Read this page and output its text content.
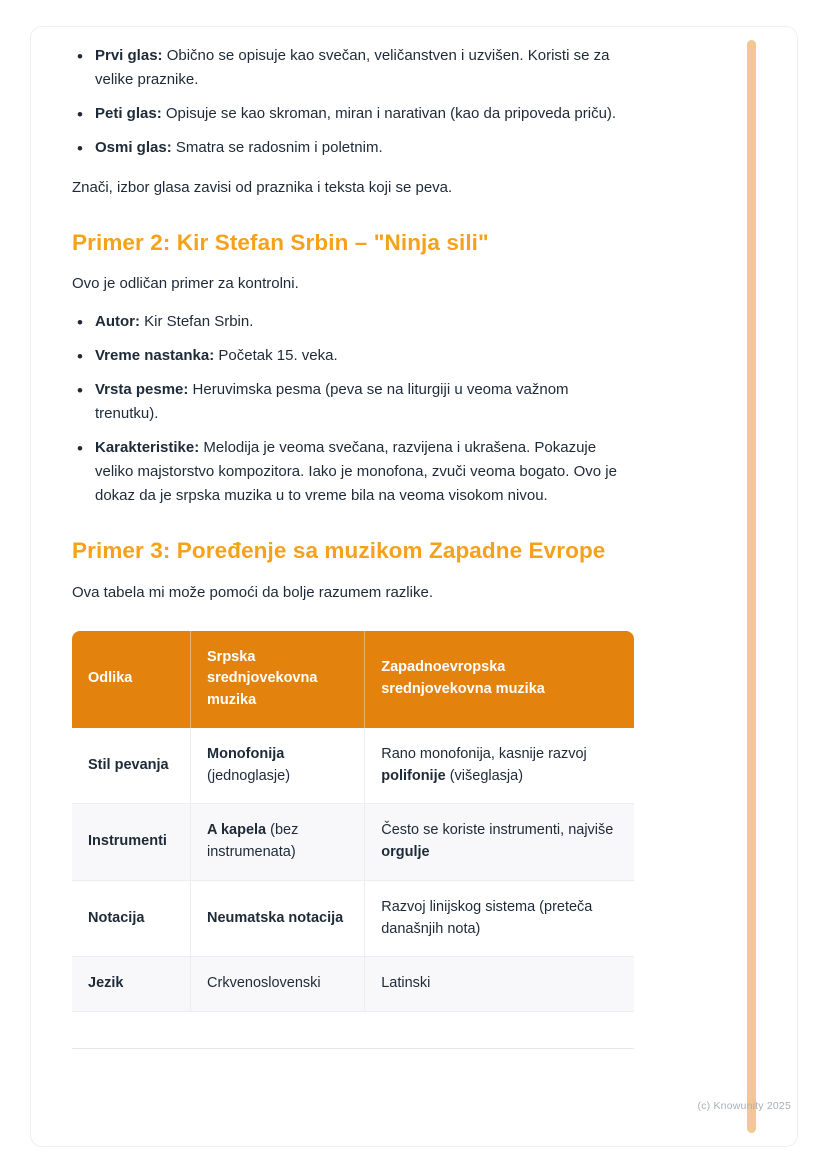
• Prvi glas: Obično se opisuje kao svečan, veličanstven i uzvišen. Koristi se za velike praznike.
• Peti glas: Opisuje se kao skroman, miran i narativan (kao da pripoveda priču).
• Osmi glas: Smatra se radosnim i poletnim.

Znači, izbor glasa zavisi od praznika i teksta koji se peva.

Primer 2: Kir Stefan Srbin – "Ninja sili"

Ovo je odličan primer za kontrolni.

• Autor: Kir Stefan Srbin.
• Vreme nastanka: Početak 15. veka.
• Vrsta pesme: Heruvimska pesma (peva se na liturgiji u veoma važnom trenutku).
• Karakteristike: Melodija je veoma svečana, razvijena i ukrašena. Pokazuje veliko majstorstvo kompozitora. Iako je monofona, zvuči veoma bogato. Ovo je dokaz da je srpska muzika u to vreme bila na veoma visokom nivou.
Primer 3: Poređenje sa muzikom Zapadne Evrope

Ova tabela mi može pomoći da bolje razumem razlike.

Odlika	Srpska srednjovekovna muzika	Zapadnoevropska srednjovekovna muzika
Stil pevanja	Monofonija (jednoglasje)	Rano monofonija, kasnije razvoj polifonije (višeglasja)
Instrumenti	A kapela (bez instrumenata)	Često se koriste instrumenti, najviše orgulje
Notacija	Neumatska notacija	Razvoj linijskog sistema (preteča današnjih nota)
Jezik	Crkvenoslovenski	Latinski
(c) Knowunity 2025
